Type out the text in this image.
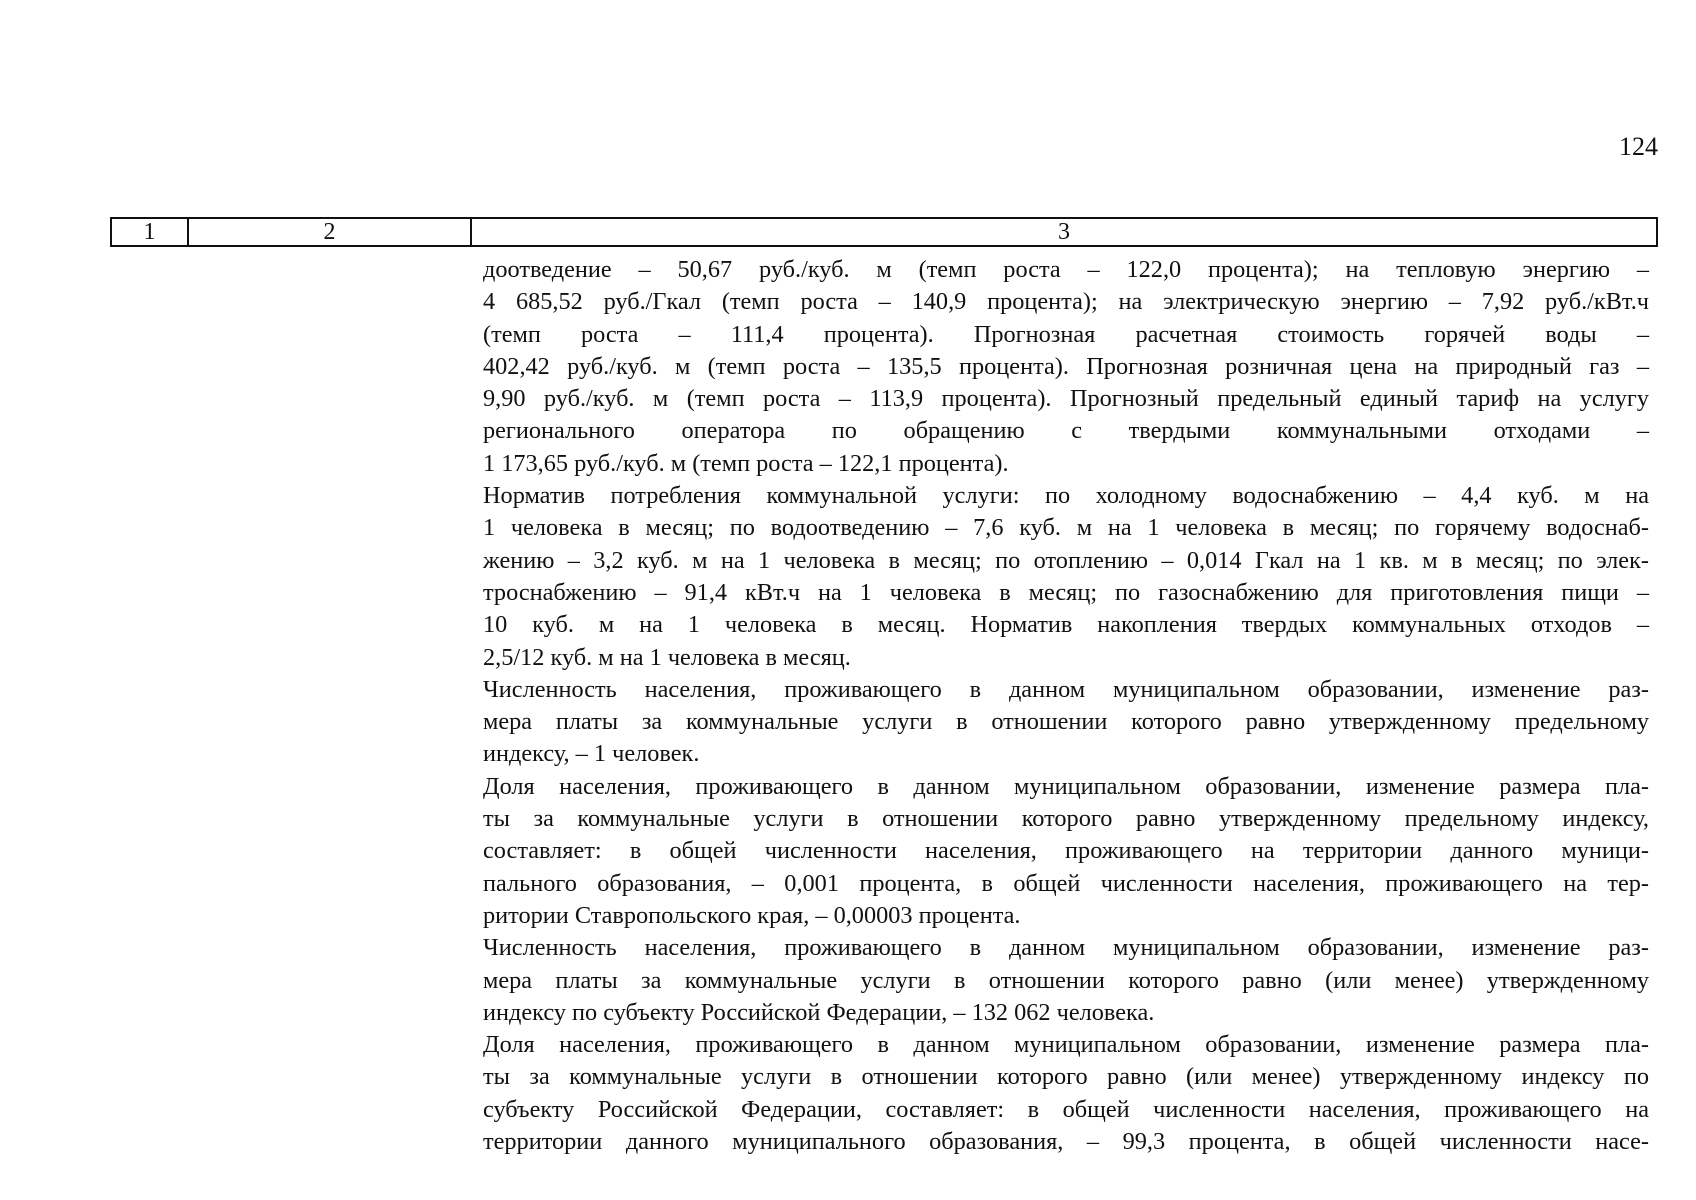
124
1	2	3
доотведение – 50,67 руб./куб. м (темп роста – 122,0 процента); на тепловую энергию –
4 685,52 руб./Гкал (темп роста – 140,9 процента); на электрическую энергию – 7,92 руб./кВт.ч
(темп роста – 111,4 процента). Прогнозная расчетная стоимость горячей воды –
402,42 руб./куб. м (темп роста – 135,5 процента). Прогнозная розничная цена на природный газ –
9,90 руб./куб. м (темп роста – 113,9 процента). Прогнозный предельный единый тариф на услугу
регионального оператора по обращению с твердыми коммунальными отходами –
1 173,65 руб./куб. м (темп роста – 122,1 процента).
Норматив потребления коммунальной услуги: по холодному водоснабжению – 4,4 куб. м на
1 человека в месяц; по водоотведению – 7,6 куб. м на 1 человека в месяц; по горячему водоснаб-
жению – 3,2 куб. м на 1 человека в месяц; по отоплению – 0,014 Гкал на 1 кв. м в месяц; по элек-
троснабжению – 91,4 кВт.ч на 1 человека в месяц; по газоснабжению для приготовления пищи –
10 куб. м на 1 человека в месяц. Норматив накопления твердых коммунальных отходов –
2,5/12 куб. м на 1 человека в месяц.
Численность населения, проживающего в данном муниципальном образовании, изменение раз-
мера платы за коммунальные услуги в отношении которого равно утвержденному предельному
индексу, – 1 человек.
Доля населения, проживающего в данном муниципальном образовании, изменение размера пла-
ты за коммунальные услуги в отношении которого равно утвержденному предельному индексу,
составляет: в общей численности населения, проживающего на территории данного муници-
пального образования, – 0,001 процента, в общей численности населения, проживающего на тер-
ритории Ставропольского края, – 0,00003 процента.
Численность населения, проживающего в данном муниципальном образовании, изменение раз-
мера платы за коммунальные услуги в отношении которого равно (или менее) утвержденному
индексу по субъекту Российской Федерации, – 132 062 человека.
Доля населения, проживающего в данном муниципальном образовании, изменение размера пла-
ты за коммунальные услуги в отношении которого равно (или менее) утвержденному индексу по
субъекту Российской Федерации, составляет: в общей численности населения, проживающего на
территории данного муниципального образования, – 99,3 процента, в общей численности насе-
